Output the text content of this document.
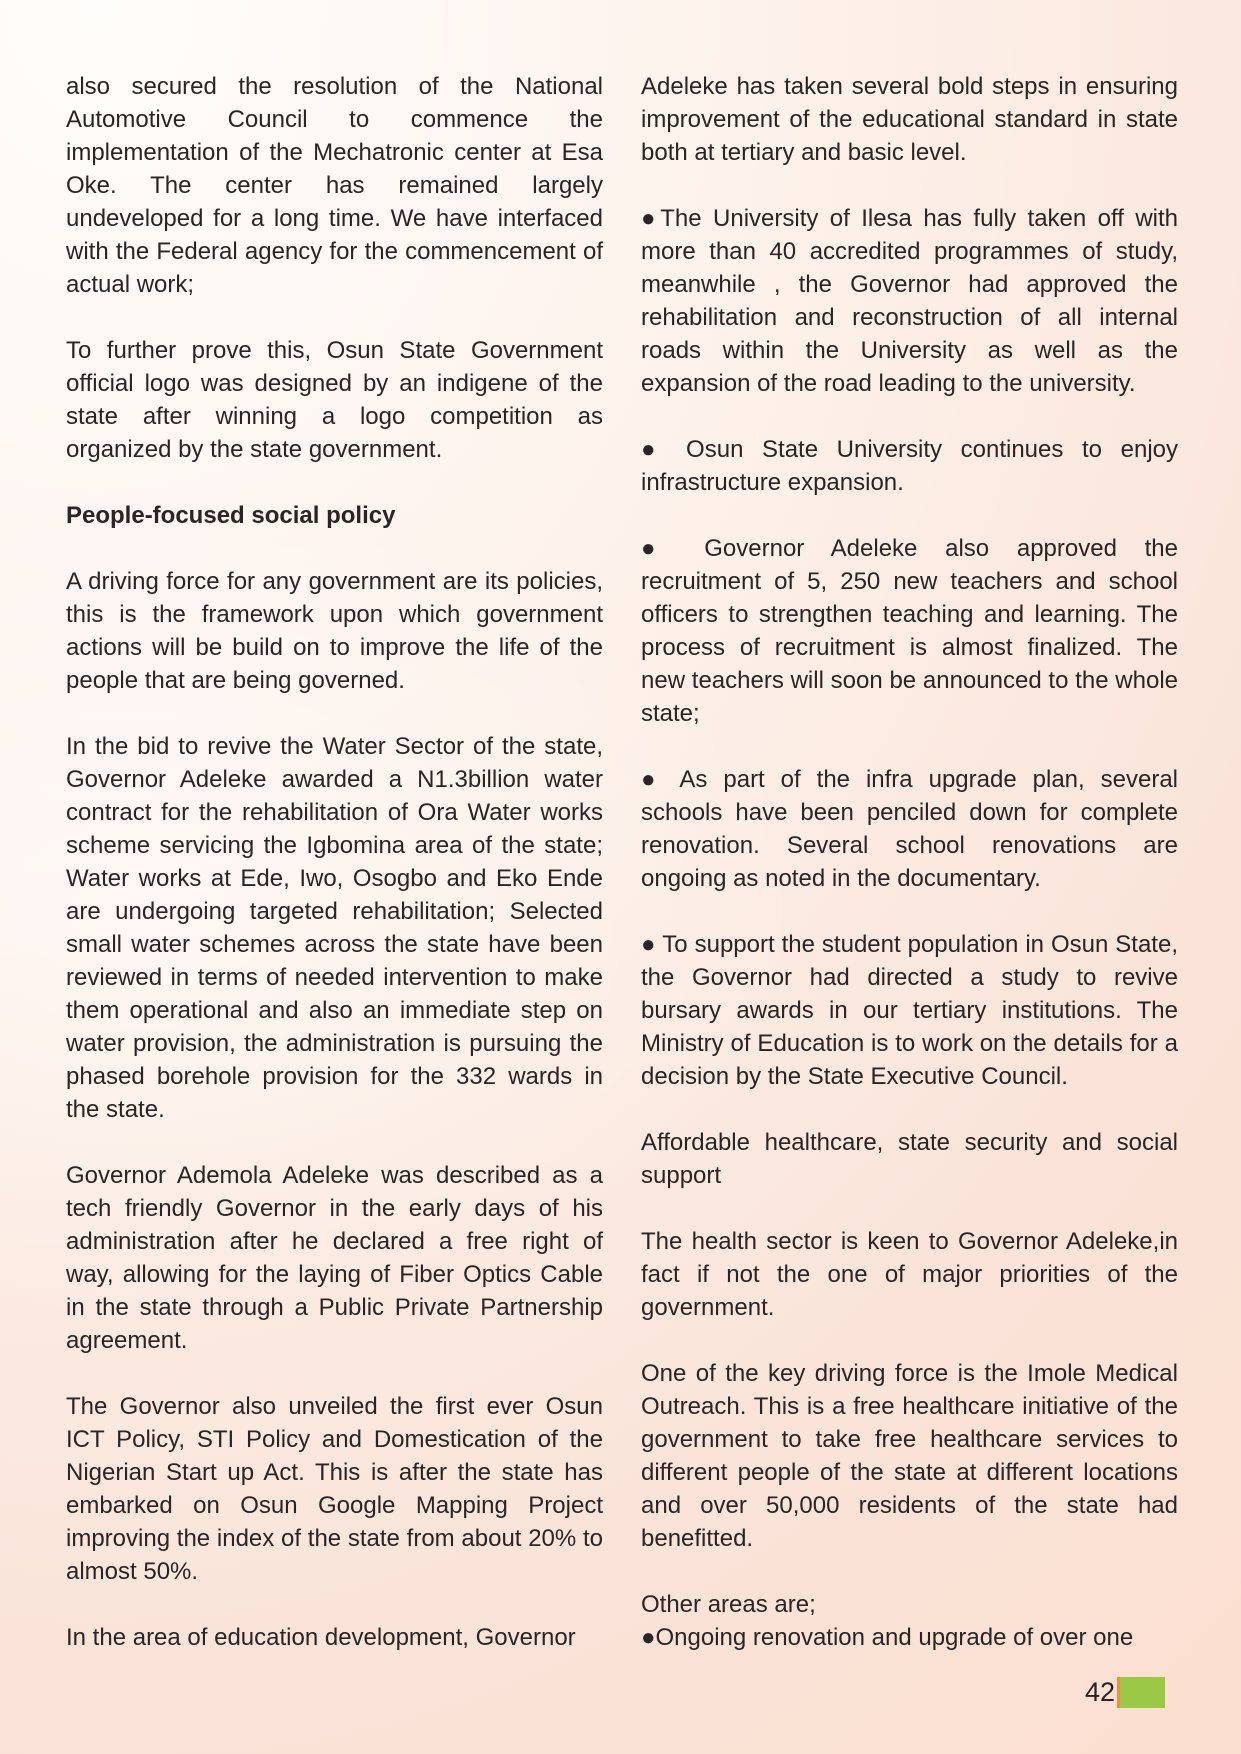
also secured the resolution of the National Automotive Council to commence the implementation of the Mechatronic center at Esa Oke. The center has remained largely undeveloped for a long time. We have interfaced with the Federal agency for the commencement of actual work;

To further prove this, Osun State Government official logo was designed by an indigene of the state after winning a logo competition as organized by the state government.

People-focused social policy

A driving force for any government are its policies, this is the framework upon which government actions will be build on to improve the life of the people that are being governed.

In the bid to revive the Water Sector of the state, Governor Adeleke awarded a N1.3billion water contract for the rehabilitation of Ora Water works scheme servicing the Igbomina area of the state; Water works at Ede, Iwo, Osogbo and Eko Ende are undergoing targeted rehabilitation; Selected small water schemes across the state have been reviewed in terms of needed intervention to make them operational and also an immediate step on water provision, the administration is pursuing the phased borehole provision for the 332 wards in the state.

Governor Ademola Adeleke was described as a tech friendly Governor in the early days of his administration after he declared a free right of way, allowing for the laying of Fiber Optics Cable in the state through a Public Private Partnership agreement.

The Governor also unveiled the first ever Osun ICT Policy, STI Policy and Domestication of the Nigerian Start up Act. This is after the state has embarked on Osun Google Mapping Project improving the index of the state from about 20% to almost 50%.

In the area of education development, Governor

Adeleke has taken several bold steps in ensuring improvement of the educational standard in state both at tertiary and basic level.

●The University of Ilesa has fully taken off with more than 40 accredited programmes of study, meanwhile , the Governor had approved the rehabilitation and reconstruction of all internal roads within the University as well as the expansion of the road leading to the university.

● Osun State University continues to enjoy infrastructure expansion.

● Governor Adeleke also approved the recruitment of 5, 250 new teachers and school officers to strengthen teaching and learning. The process of recruitment is almost finalized. The new teachers will soon be announced to the whole state;

● As part of the infra upgrade plan, several schools have been penciled down for complete renovation. Several school renovations are ongoing as noted in the documentary.

● To support the student population in Osun State, the Governor had directed a study to revive bursary awards in our tertiary institutions. The Ministry of Education is to work on the details for a decision by the State Executive Council.

Affordable healthcare, state security and social support

The health sector is keen to Governor Adeleke,in fact if not the one of major priorities of the government.

One of the key driving force is the Imole Medical Outreach. This is a free healthcare initiative of the government to take free healthcare services to different people of the state at different locations and over 50,000 residents of the state had benefitted.

Other areas are;

●Ongoing renovation and upgrade of over one

42
